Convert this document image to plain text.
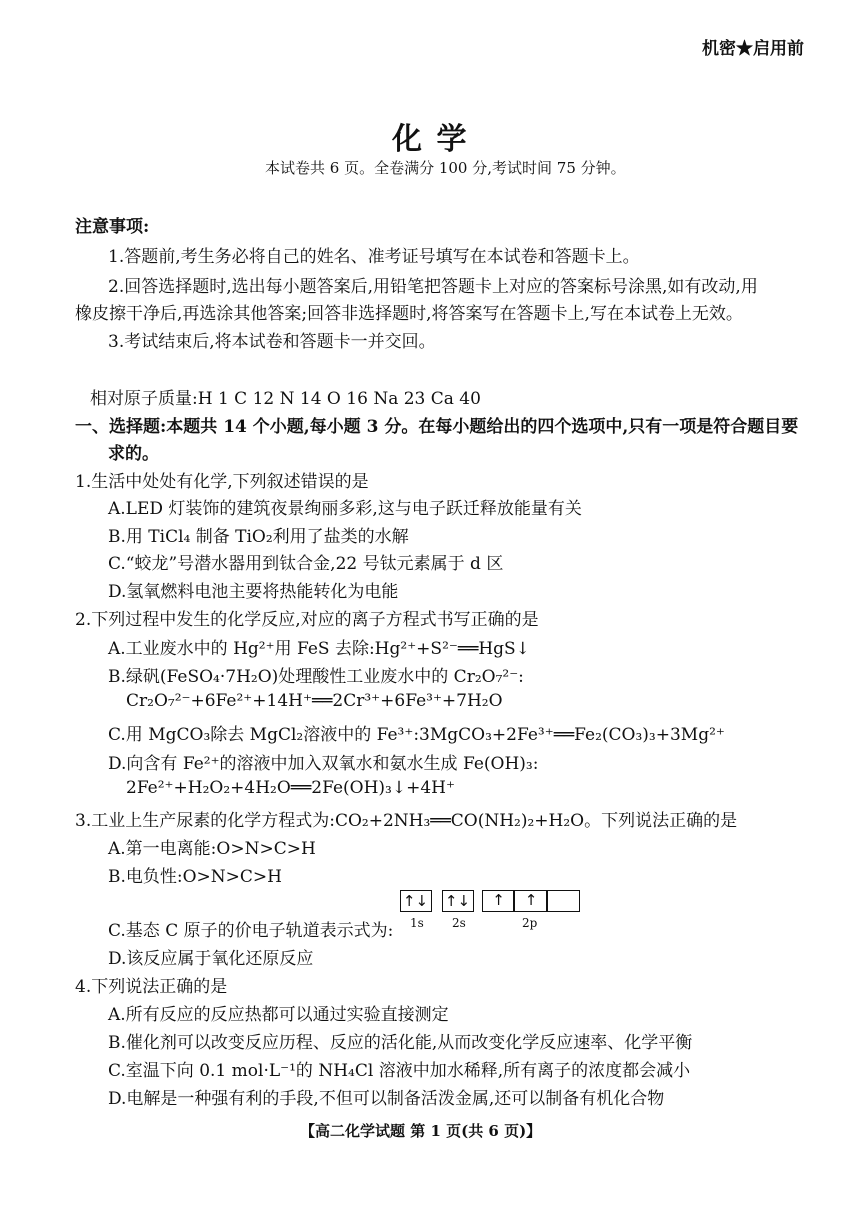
机密★启用前
化 学
本试卷共 6 页。全卷满分 100 分,考试时间 75 分钟。
注意事项:
1.答题前,考生务必将自己的姓名、准考证号填写在本试卷和答题卡上。
2.回答选择题时,选出每小题答案后,用铅笔把答题卡上对应的答案标号涂黑,如有改动,用
橡皮擦干净后,再选涂其他答案;回答非选择题时,将答案写在答题卡上,写在本试卷上无效。
3.考试结束后,将本试卷和答题卡一并交回。
相对原子质量:H 1 C 12 N 14 O 16 Na 23 Ca 40
一、选择题:本题共 14 个小题,每小题 3 分。在每小题给出的四个选项中,只有一项是符合题目要
求的。
1.生活中处处有化学,下列叙述错误的是
A.LED 灯装饰的建筑夜景绚丽多彩,这与电子跃迁释放能量有关
B.用 TiCl₄ 制备 TiO₂利用了盐类的水解
C.“蛟龙”号潜水器用到钛合金,22 号钛元素属于 d 区
D.氢氧燃料电池主要将热能转化为电能
2.下列过程中发生的化学反应,对应的离子方程式书写正确的是
A.工业废水中的 Hg²⁺用 FeS 去除:Hg²⁺+S²⁻══HgS↓
B.绿矾(FeSO₄·7H₂O)处理酸性工业废水中的 Cr₂O₇²⁻:
Cr₂O₇²⁻+6Fe²⁺+14H⁺══2Cr³⁺+6Fe³⁺+7H₂O
C.用 MgCO₃除去 MgCl₂溶液中的 Fe³⁺:3MgCO₃+2Fe³⁺══Fe₂(CO₃)₃+3Mg²⁺
D.向含有 Fe²⁺的溶液中加入双氧水和氨水生成 Fe(OH)₃:
2Fe²⁺+H₂O₂+4H₂O══2Fe(OH)₃↓+4H⁺
3.工业上生产尿素的化学方程式为:CO₂+2NH₃══CO(NH₂)₂+H₂O。下列说法正确的是
A.第一电离能:O>N>C>H
B.电负性:O>N>C>H
C.基态 C 原子的价电子轨道表示式为:
↑↓ ↑↓	↑	↑
1s 2s	2p
D.该反应属于氧化还原反应
4.下列说法正确的是
A.所有反应的反应热都可以通过实验直接测定
B.催化剂可以改变反应历程、反应的活化能,从而改变化学反应速率、化学平衡
C.室温下向 0.1 mol·L⁻¹的 NH₄Cl 溶液中加水稀释,所有离子的浓度都会减小
D.电解是一种强有利的手段,不但可以制备活泼金属,还可以制备有机化合物
【高二化学试题 第 1 页(共 6 页)】
